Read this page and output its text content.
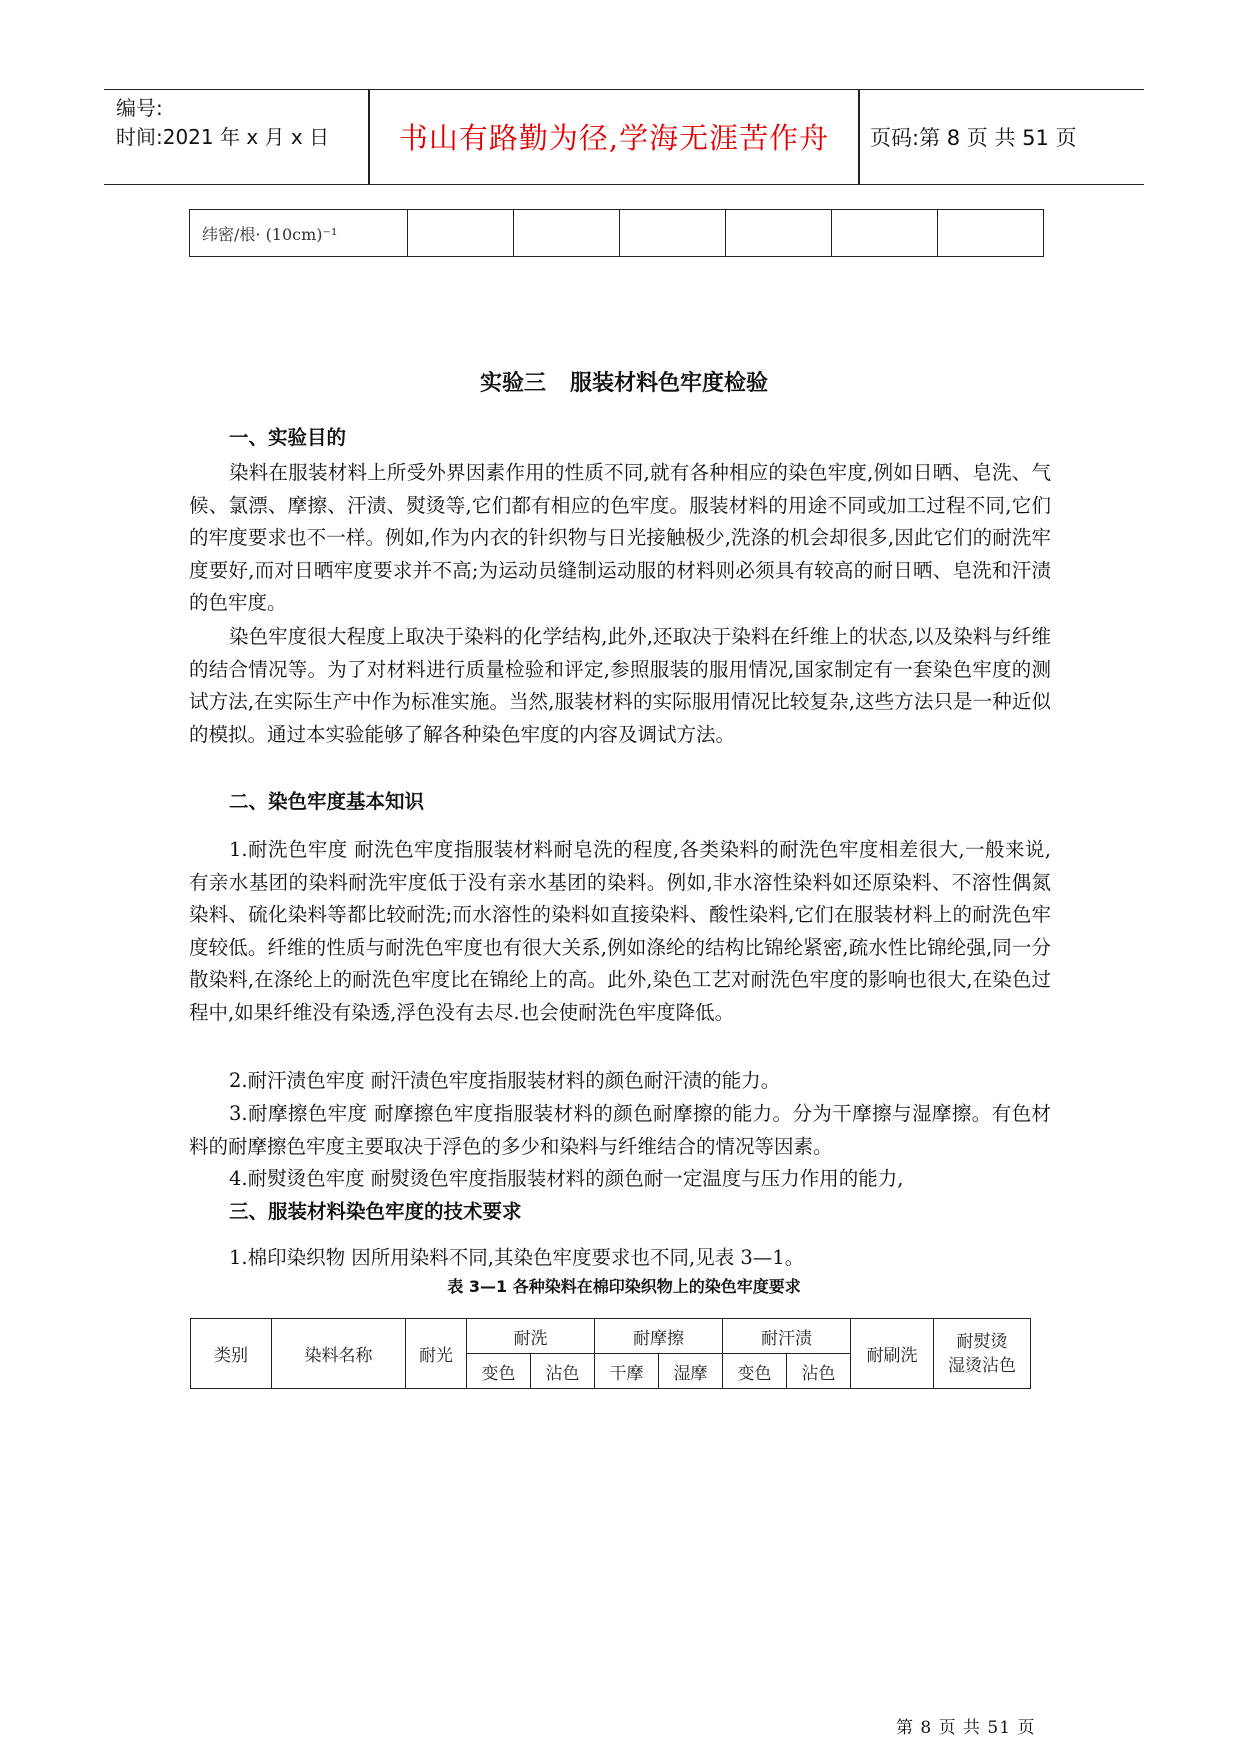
编号:
时间:2021 年 x 月 x 日	书山有路勤为径,学海无涯苦作舟	页码:第 8 页 共 51 页
纬密/根· (10cm)⁻¹						
实验三 服装材料色牢度检验
一、实验目的

染料在服装材料上所受外界因素作用的性质不同,就有各种相应的染色牢度,例如日晒、皂洗、气候、氯漂、摩擦、汗渍、熨烫等,它们都有相应的色牢度。服装材料的用途不同或加工过程不同,它们的牢度要求也不一样。例如,作为内衣的针织物与日光接触极少,洗涤的机会却很多,因此它们的耐洗牢度要好,而对日晒牢度要求并不高;为运动员缝制运动服的材料则必须具有较高的耐日晒、皂洗和汗渍的色牢度。

染色牢度很大程度上取决于染料的化学结构,此外,还取决于染料在纤维上的状态,以及染料与纤维的结合情况等。为了对材料进行质量检验和评定,参照服装的服用情况,国家制定有一套染色牢度的测试方法,在实际生产中作为标准实施。当然,服装材料的实际服用情况比较复杂,这些方法只是一种近似的模拟。通过本实验能够了解各种染色牢度的内容及调试方法。

二、染色牢度基本知识

1.耐洗色牢度 耐洗色牢度指服装材料耐皂洗的程度,各类染料的耐洗色牢度相差很大,一般来说,有亲水基团的染料耐洗牢度低于没有亲水基团的染料。例如,非水溶性染料如还原染料、不溶性偶氮染料、硫化染料等都比较耐洗;而水溶性的染料如直接染料、酸性染料,它们在服装材料上的耐洗色牢度较低。纤维的性质与耐洗色牢度也有很大关系,例如涤纶的结构比锦纶紧密,疏水性比锦纶强,同一分散染料,在涤纶上的耐洗色牢度比在锦纶上的高。此外,染色工艺对耐洗色牢度的影响也很大,在染色过程中,如果纤维没有染透,浮色没有去尽.也会使耐洗色牢度降低。

2.耐汗渍色牢度 耐汗渍色牢度指服装材料的颜色耐汗渍的能力。

3.耐摩擦色牢度 耐摩擦色牢度指服装材料的颜色耐摩擦的能力。分为干摩擦与湿摩擦。有色材料的耐摩擦色牢度主要取决于浮色的多少和染料与纤维结合的情况等因素。

4.耐熨烫色牢度 耐熨烫色牢度指服装材料的颜色耐一定温度与压力作用的能力,

三、服装材料染色牢度的技术要求

1.棉印染织物 因所用染料不同,其染色牢度要求也不同,见表 3—1。

表 3—1 各种染料在棉印染织物上的染色牢度要求
类别	染料名称	耐光	耐洗		耐摩擦		耐汗渍		耐刷洗	耐熨烫
湿烫沾色

			变色	沾色	干摩	湿摩	变色	沾色		
第 8 页 共 51 页
